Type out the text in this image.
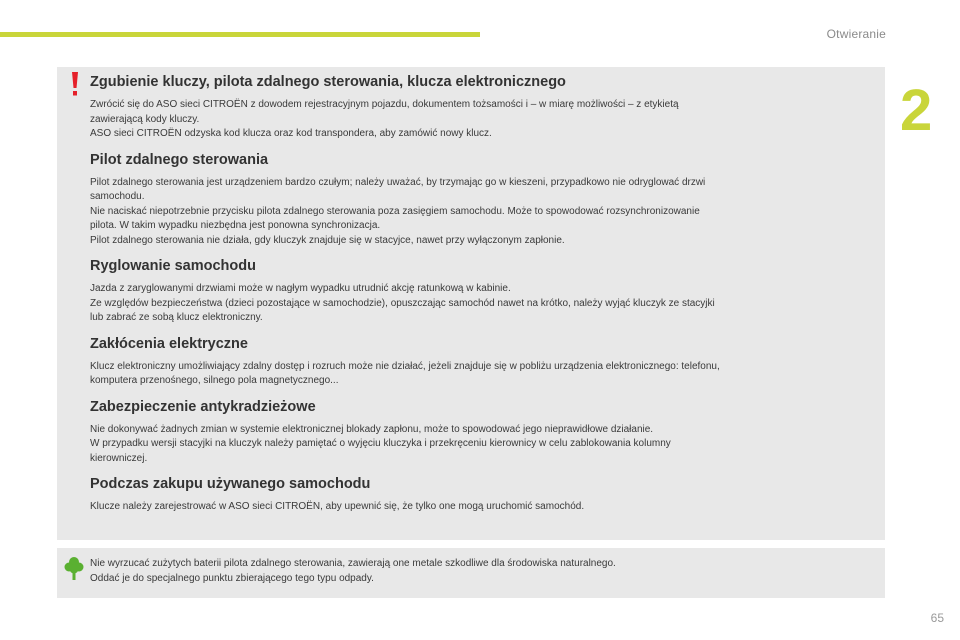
Otwieranie
2
Zgubienie kluczy, pilota zdalnego sterowania, klucza elektronicznego

Zwrócić się do ASO sieci CITROËN z dowodem rejestracyjnym pojazdu, dokumentem tożsamości i – w miarę możliwości – z etykietą

zawierającą kody kluczy.

ASO sieci CITROËN odzyska kod klucza oraz kod transpondera, aby zamówić nowy klucz.

Pilot zdalnego sterowania

Pilot zdalnego sterowania jest urządzeniem bardzo czułym; należy uważać, by trzymając go w kieszeni, przypadkowo nie odryglować drzwi

samochodu.

Nie naciskać niepotrzebnie przycisku pilota zdalnego sterowania poza zasięgiem samochodu. Może to spowodować rozsynchronizowanie

pilota. W takim wypadku niezbędna jest ponowna synchronizacja.

Pilot zdalnego sterowania nie działa, gdy kluczyk znajduje się w stacyjce, nawet przy wyłączonym zapłonie.

Ryglowanie samochodu

Jazda z zaryglowanymi drzwiami może w nagłym wypadku utrudnić akcję ratunkową w kabinie.

Ze względów bezpieczeństwa (dzieci pozostające w samochodzie), opuszczając samochód nawet na krótko, należy wyjąć kluczyk ze stacyjki

lub zabrać ze sobą klucz elektroniczny.

Zakłócenia elektryczne

Klucz elektroniczny umożliwiający zdalny dostęp i rozruch może nie działać, jeżeli znajduje się w pobliżu urządzenia elektronicznego: telefonu,

komputera przenośnego, silnego pola magnetycznego...

Zabezpieczenie antykradzieżowe

Nie dokonywać żadnych zmian w systemie elektronicznej blokady zapłonu, może to spowodować jego nieprawidłowe działanie.

W przypadku wersji stacyjki na kluczyk należy pamiętać o wyjęciu kluczyka i przekręceniu kierownicy w celu zablokowania kolumny

kierowniczej.

Podczas zakupu używanego samochodu

Klucze należy zarejestrować w ASO sieci CITROËN, aby upewnić się, że tylko one mogą uruchomić samochód.

Nie wyrzucać zużytych baterii pilota zdalnego sterowania, zawierają one metale szkodliwe dla środowiska naturalnego.

Oddać je do specjalnego punktu zbierającego tego typu odpady.

65
